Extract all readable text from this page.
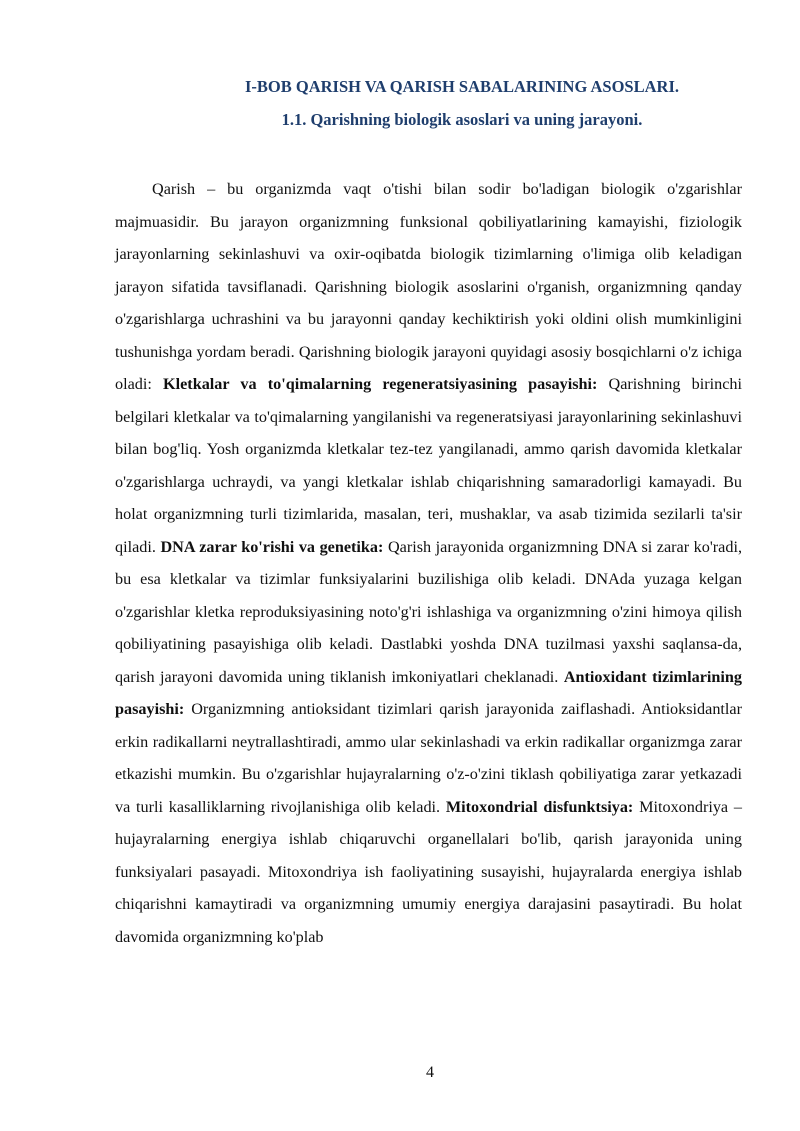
I-BOB QARISH VA QARISH SABALARINING ASOSLARI.
1.1. Qarishning biologik asoslari va uning jarayoni.

Qarish – bu organizmda vaqt o'tishi bilan sodir bo'ladigan biologik o'zgarishlar majmuasidir. Bu jarayon organizmning funksional qobiliyatlarining kamayishi, fiziologik jarayonlarning sekinlashuvi va oxir-oqibatda biologik tizimlarning o'limiga olib keladigan jarayon sifatida tavsiflanadi. Qarishning biologik asoslarini o'rganish, organizmning qanday o'zgarishlarga uchrashini va bu jarayonni qanday kechiktirish yoki oldini olish mumkinligini tushunishga yordam beradi. Qarishning biologik jarayoni quyidagi asosiy bosqichlarni o'z ichiga oladi: Kletkalar va to'qimalarning regeneratsiyasining pasayishi: Qarishning birinchi belgilari kletkalar va to'qimalarning yangilanishi va regeneratsiyasi jarayonlarining sekinlashuvi bilan bog'liq. Yosh organizmda kletkalar tez-tez yangilanadi, ammo qarish davomida kletkalar o'zgarishlarga uchraydi, va yangi kletkalar ishlab chiqarishning samaradorligi kamayadi. Bu holat organizmning turli tizimlarida, masalan, teri, mushaklar, va asab tizimida sezilarli ta'sir qiladi. DNA zarar ko'rishi va genetika: Qarish jarayonida organizmning DNA si zarar ko'radi, bu esa kletkalar va tizimlar funksiyalarini buzilishiga olib keladi. DNAda yuzaga kelgan o'zgarishlar kletka reproduksiyasining noto'g'ri ishlashiga va organizmning o'zini himoya qilish qobiliyatining pasayishiga olib keladi. Dastlabki yoshda DNA tuzilmasi yaxshi saqlansa-da, qarish jarayoni davomida uning tiklanish imkoniyatlari cheklanadi. Antioxidant tizimlarining pasayishi: Organizmning antioksidant tizimlari qarish jarayonida zaiflashadi. Antioksidantlar erkin radikallarni neytrallashtiradi, ammo ular sekinlashadi va erkin radikallar organizmga zarar etkazishi mumkin. Bu o'zgarishlar hujayralarning o'z-o'zini tiklash qobiliyatiga zarar yetkazadi va turli kasalliklarning rivojlanishiga olib keladi. Mitoxondrial disfunktsiya: Mitoxondriya – hujayralarning energiya ishlab chiqaruvchi organellalari bo'lib, qarish jarayonida uning funksiyalari pasayadi. Mitoxondriya ish faoliyatining susayishi, hujayralarda energiya ishlab chiqarishni kamaytiradi va organizmning umumiy energiya darajasini pasaytiradi. Bu holat davomida organizmning ko'plab

4
